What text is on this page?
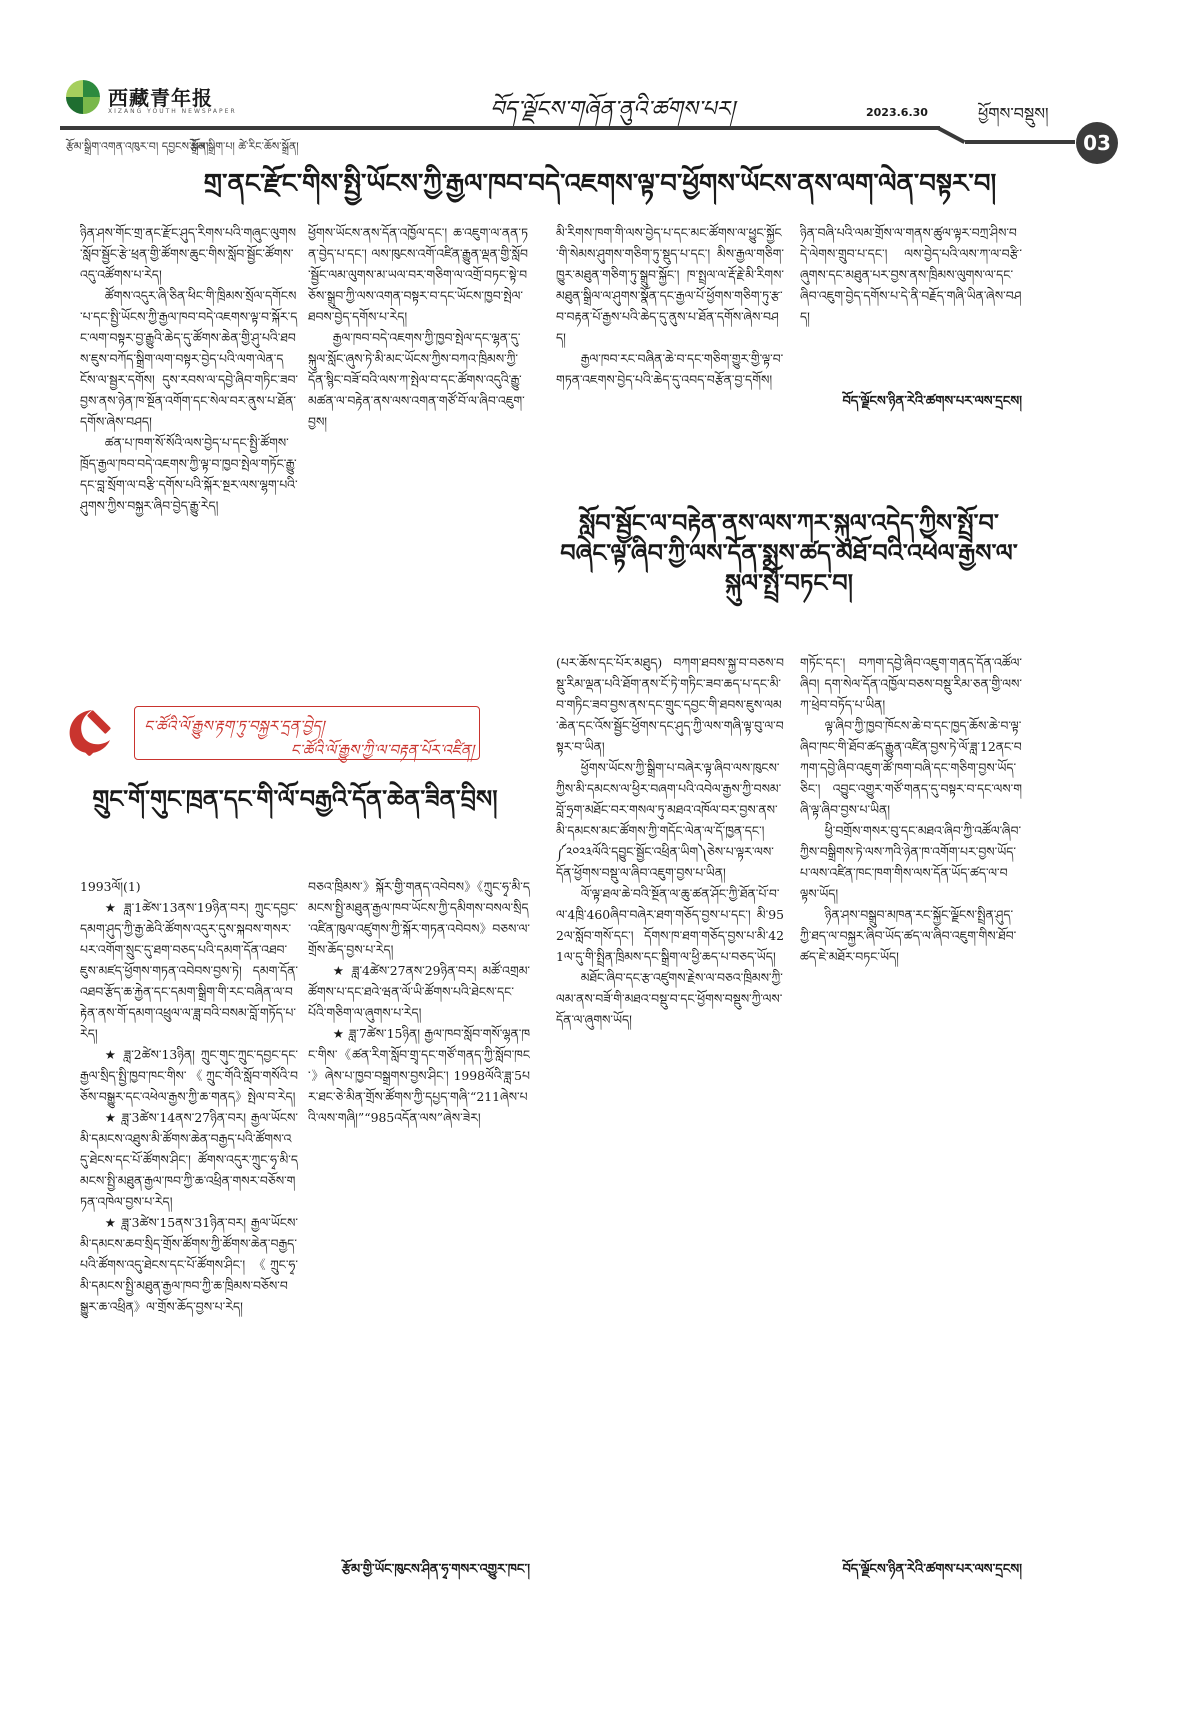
西藏青年报
XIZANG YOUTH NEWSPAPER	བོད་ལྗོངས་གཞོན་ནུའི་ཚགས་པར།	2023.6.30	ཕྱོགས་བསྡུས།
03
རྩོམ་སྒྲིག་འགན་འཁུར་བ། དབྱངས་སྒྲོན།
རྩོམ་སྒྲིག་པ། ཚེ་རིང་ཆོས་སྒྲོན།
གྲ་ནང་རྫོང་གིས་སྤྱི་ཡོངས་ཀྱི་རྒྱལ་ཁབ་བདེ་འཇགས་ལྟ་བ་ཕྱོགས་ཡོངས་ནས་ལག་ལེན་བསྟར་བ།

ཉིན་ཤས་གོང་གྲ་ནང་རྫོང་ཤུད་རིགས་པའི་གཞུང་ལུགས་སློབ་སྦྱོང་རྩེ་ཕྲན་གྱི་ཚོགས་ཆུང་གིས་སློབ་སྦྱོང་ཚོགས་འདུ་འཚོགས་པ་རེད།

ཚོགས་འདུར་ཞི་ཅིན་ཕིང་གི་ཁྲིམས་སྲོལ་དགོངས་པ་དང་སྤྱི་ཡོངས་ཀྱི་རྒྱལ་ཁབ་བདེ་འཇགས་ལྟ་བ་སྐོར་དང་ལག་བསྟར་བྱ་རྒྱུའི་ཆེད་དུ་ཚོགས་ཆེན་གྱི་ཤུ་པའི་ཐབས་ཇུས་བཀོད་སྒྲིག་ལག་བསྟར་བྱེད་པའི་ལག་ལེན་དངོས་ལ་སྦྱར་དགོས། དུས་རབས་ལ་དབྱེ་ཞིབ་གཏིང་ཟབ་བྱས་ནས་ཉེན་ཁ་སྔོན་འགོག་དང་སེལ་བར་ནུས་པ་ཐོན་དགོས་ཞེས་བཤད།

ཚན་པ་ཁག་སོ་སོའི་ལས་བྱེད་པ་དང་སྤྱི་ཚོགས་ཁྲོད་རྒྱལ་ཁབ་བདེ་འཇགས་ཀྱི་ལྟ་བ་ཁྱབ་སྤེལ་གཏོང་རྒྱུ་དང་བླ་སྲོག་ལ་བརྩི་དགོས་པའི་སྐོར་སྔར་ལས་ལྷག་པའི་ཤུགས་ཀྱིས་བསྐྱར་ཞིབ་བྱེད་རྒྱུ་རེད།

ཕྱོགས་ཡོངས་ནས་དོན་འཁྱོལ་དང་། ཆ་འཇུག་ལ་ནན་ཏན་བྱེད་པ་དང་། ལས་ཁུངས་འགོ་འཛིན་རྒྱུན་ལྡན་གྱི་སློབ་སྦྱོང་ལམ་ལུགས་མ་ཡལ་བར་གཅིག་ལ་འགྲོ་བཏང་སྟེ་བཅོས་སྒྲུབ་ཀྱི་ལས་འགན་བསྟར་བ་དང་ཡོངས་ཁྱབ་སྤེལ་ཐབས་བྱེད་དགོས་པ་རེད།

རྒྱལ་ཁབ་བདེ་འཇགས་ཀྱི་ཁྱབ་སྤེལ་དང་ལྷན་དུ་སྐུལ་སློང་ཞུས་ཏེ་མི་མང་ཡོངས་ཀྱིས་བཀའ་ཁྲིམས་ཀྱི་དོན་སྙིང་བཟོ་བའི་ལས་ཀ་སྤེལ་བ་དང་ཚོགས་འདུའི་རྒྱུ་མཚན་ལ་བརྟེན་ནས་ལས་འགན་གཙོ་བོ་ལ་ཞིབ་འཇུག་བྱས།

མི་རིགས་ཁག་གི་ལས་བྱེད་པ་དང་མང་ཚོགས་ལ་ཕྱུང་སྐྱོང་གི་སེམས་ཤུགས་གཅིག་ཏུ་སྡུད་པ་དང་། མིས་རྒྱལ་གཅིག་ཁྱུར་མཐུན་གཅིག་ཏུ་སྒྲུབ་སྐྱོང་། ཁ་སྤྲལ་ལ་རྡོ་རྗེ་མི་རིགས་མཐུན་སྒྲིལ་ལ་ཤུགས་སྣོན་དང་རྒྱལ་པོ་ཕྱོགས་གཅིག་ཏུ་རྩ་བ་བརྟན་པོ་རྒྱས་པའི་ཆེད་དུ་ནུས་པ་ཐོན་དགོས་ཞེས་བཤད།

རྒྱལ་ཁབ་རང་བཞིན་ཆེ་བ་དང་གཅིག་གྱུར་གྱི་ལྟ་བ་གཏན་འཇགས་བྱེད་པའི་ཆེད་དུ་འབད་བརྩོན་བྱ་དགོས།

ཉིན་བཞི་པའི་ལམ་གྲོས་ལ་གནས་ཚུལ་ལྟར་བཀྲ་ཤིས་བདེ་ལེགས་གྲུབ་པ་དང་། ལས་བྱེད་པའི་ལས་ཀ་ལ་བརྩི་ཞུགས་དང་མཐུན་པར་བྱས་ནས་ཁྲིམས་ལུགས་ལ་དང་ཞིབ་འཇུག་བྱེད་དགོས་པ་དེ་ནི་བརྗོད་གཞི་ཡིན་ཞེས་བཤད།

བོད་ལྗོངས་ཉིན་རེའི་ཚགས་པར་ལས་དྲངས།
ང་ཚོའི་ལོ་རྒྱུས་རྟག་ཏུ་བསྐྱར་དྲན་བྱེད།
ང་ཚོའི་ལོ་རྒྱུས་ཀྱི་ལ་བརྟན་པོར་འཛིན།
གྲུང་གོ་གུང་ཁྲན་དང་གི་ལོ་བརྒྱའི་དོན་ཆེན་ཟིན་བྲིས།

1993ལོ།(1)

★ ཟླ་1ཚེས་13ནས་19ཉིན་བར། ཀྲུང་དབྱང་དམག་ཤུད་ཀྱི་རྒྱ་ཆེའི་ཚོགས་འདུར་དུས་སྐབས་གསར་པར་འགོག་སྲུང་དུ་ཐག་བཅད་པའི་དམག་དོན་འཐབ་ཇུས་མཛད་ཕྱོགས་གཏན་འབེབས་བྱས་ཏེ། དམག་དོན་འཐབ་རྩོད་ཆ་རྐྱེན་དང་དམག་སྒྲིག་གི་རང་བཞིན་ལ་བརྟེན་ནས་གོ་དམག་འཕྲུལ་ལ་ཟླ་བའི་བསམ་བློ་གཏོད་པ་རེད།

★ ཟླ་2ཚེས་13ཉིན། ཀྲུང་གུང་ཀྲུང་དབྱང་དང་རྒྱལ་སྲིད་སྤྱི་ཁྱབ་ཁང་གིས་《ཀྲུང་གོའི་སློབ་གསོའི་བཅོས་བསྒྱུར་དང་འཕེལ་རྒྱས་ཀྱི་ཆ་གནད》སྤེལ་བ་རེད།

★ ཟླ་3ཚེས་14ནས་27ཉིན་བར། རྒྱལ་ཡོངས་མི་དམངས་འཐུས་མི་ཚོགས་ཆེན་བརྒྱད་པའི་ཚོགས་འདུ་ཐེངས་དང་པོ་ཚོགས་ཤིང་། ཚོགས་འདུར་ཀྲུང་ཧྭ་མི་དམངས་སྤྱི་མཐུན་རྒྱལ་ཁབ་ཀྱི་ཆ་འཕྲིན་གསར་བཅོས་གཏན་འཁེལ་བྱས་པ་རེད།

★ ཟླ་3ཚེས་15ནས་31ཉིན་བར། རྒྱལ་ཡོངས་མི་དམངས་ཆབ་སྲིད་གྲོས་ཚོགས་ཀྱི་ཚོགས་ཆེན་བརྒྱད་པའི་ཚོགས་འདུ་ཐེངས་དང་པོ་ཚོགས་ཤིང་། 《ཀྲུང་ཧྭ་མི་དམངས་སྤྱི་མཐུན་རྒྱལ་ཁབ་ཀྱི་ཆ་ཁྲིམས་བཅོས་བསྒྱུར་ཆ་འཕྲིན》ལ་གྲོས་ཆོད་བྱས་པ་རེད།

བཅའ་ཁྲིམས་》སྐོར་གྱི་གནད་འབེབས》《ཀྲུང་ཧྭ་མི་དམངས་སྤྱི་མཐུན་རྒྱལ་ཁབ་ཡོངས་ཀྱི་དམིགས་བསལ་སྲིད་འཛིན་ཁུལ་འཛུགས་ཀྱི་སྐོར་གཏན་འབེབས》བཅས་ལ་གྲོས་ཆོད་བྱས་པ་རེད།

★ ཟླ་4ཚེས་27ནས་29ཉིན་བར། མཚོ་འགྲམ་ཚོགས་པ་དང་ཐའེ་ཝན་ལོ་ཡི་ཚོགས་པའི་ཐེངས་དང་པོའི་གཅིག་ལ་ཞུགས་པ་རེད།

★ ཟླ་7ཚེས་15ཉིན། རྒྱལ་ཁབ་སློབ་གསོ་ལྷན་ཁང་གིས་《ཚན་རིག་སློབ་གྲྭ་དང་གཙོ་གནད་ཀྱི་སློབ་ཁང་》ཞེས་པ་ཁྱབ་བསྒྲགས་བྱས་ཤིང་། 1998ལོའི་ཟླ་5པར་ཐང་ཅེ་མིན་གྲོས་ཚོགས་ཀྱི་དཔྱད་གཞི་“211ཞེས་པའི་ལས་གཞི།”“985འདོན་ལས”ཞེས་ཟེར།

རྩོམ་གྱི་ཡོང་ཁུངས་ཤིན་ཧྭ་གསར་འགྱུར་ཁང་།
སློབ་སྦྱོང་ལ་བརྟེན་ནས་ལས་ཀར་སྐུལ་འདེད་ཀྱིས་སྤྲོ་བ་བཞེང་ལྟ་ཞིབ་ཀྱི་ལས་དོན་སྨྲས་ཚད་མཐོ་བའི་འཕེལ་རྒྱས་ལ་སྐུལ་སྤྲོ་བཏང་བ།

(པར་ཆོས་དང་པོར་མཐུད) བཀག་ཐབས་སྐྱ་བ་བཅས་བསྡུ་རིམ་ལྡན་པའི་ཐོག་ནས་ངོ་ཏེ་གཏིང་ཟབ་ཆད་པ་དང་མི་བ་གཏིང་ཟབ་བྱས་ནས་དང་གྲུང་དབྱང་གི་ཐབས་ཇུས་ལམ་ཆེན་དང་འོས་སྦྱོང་ཕྱོགས་དང་ཤུད་ཀྱི་ལས་གཞི་ལྟ་བུ་ལ་བསྟར་བ་ཡིན།

ཕྱོགས་ཡོངས་ཀྱི་སྒྲིག་པ་བཞེར་ལྟ་ཞིབ་ལས་ཁུངས་ཀྱིས་མི་དམངས་ལ་ཕྱིར་བཞག་པའི་འབེལ་རྒྱས་ཀྱི་བསམ་བློ་ཧྲག་མཐོང་བར་གསལ་ཏུ་མཐའ་འཁོལ་བར་བྱས་ནས་མི་དམངས་མང་ཚོགས་ཀྱི་གདོང་ལེན་ལ་དོ་ཁྱན་དང་། ༼༢༠༢༣ལོའི་དབྱུང་སྦྱོང་འཕྲིན་ཡིག༽ཅེས་པ་ལྟར་ལས་དོན་ཕྱོགས་བསྡུ་ལ་ཞིབ་འཇུག་བྱས་པ་ཡིན།

ལོ་ལྟ་ཐལ་ཆེ་བའི་སྔོན་ལ་ཆུ་ཚན་ཤོང་ཀྱི་ཐོན་པོ་བ་ལ་4ཁྲི་460ཞིབ་བཞེར་ཐག་གཅོད་བྱས་པ་དང་། མི་952ལ་སློབ་གསོ་དང་། དོགས་ཁ་ཐག་གཅོད་བྱས་པ་མི་421ལ་དུ་གི་སྤྲིན་ཁྲིམས་དང་སྒྲིག་ལ་ཕྱི་ཆད་པ་བཅད་ཡོད།

མཐོང་ཞིབ་དང་རྩ་འཛུགས་རྗེས་ལ་བཅའ་ཁྲིམས་ཀྱི་ལམ་ནས་བཟོ་གི་མཐའ་བསྡུ་བ་དང་ཕྱོགས་བསྡུས་ཀྱི་ལས་དོན་ལ་ཞུགས་ཡོད།

གཏོང་དང་། བཀག་དབྱེ་ཞིབ་འཇུག་གནད་དོན་འཚོལ་ཞིབ། དག་སེལ་དོན་འཁྱོལ་བཅས་བསྡུ་རིམ་ཅན་གྱི་ལས་ཀ་ཕྲེབ་བཏོད་པ་ཡིན།

ལྟ་ཞིབ་ཀྱི་ཁྱབ་ཁོངས་ཆེ་བ་དང་ཁྱད་ཆོས་ཆེ་བ་ལྟ་ཞིབ་ཁང་གི་ཐོབ་ཚད་རྒྱུན་འཛིན་བྱས་ཏེ་ལོ་ཟླ་12ནང་བཀག་དབྱེ་ཞིབ་འཇུག་ཚོ་ཁག་བཞི་དང་གཅིག་བྱས་ཡོད་ཅིང་། འབྱུང་འགྱུར་གཙོ་གནད་དུ་བསྟར་བ་དང་ལས་གཞི་ལྟ་ཞིབ་བྱས་པ་ཡིན།

ཕྱི་བགྲོས་གསར་བུ་དང་མཐའ་ཞིབ་ཀྱི་འཚོལ་ཞིབ་ཀྱིས་བསྒྲིགས་ཏེ་ལས་ཀའི་ཉེན་ཁ་འགོག་པར་བྱས་ཡོད་པ་ལས་འཛིན་ཁང་ཁག་གིས་ལས་དོན་ཡོད་ཚད་ལ་བལྟས་ཡོད།

ཉིན་ཤས་བསྒྲུབ་མཁན་རང་སྐྱོང་ལྗོངས་སྤྲིན་ཤུད་ཀྱི་ཐད་ལ་བསྐྱར་ཞིབ་ཡོད་ཚད་ལ་ཞིབ་འཇུག་གིས་ཐོབ་ཚད་ཇེ་མཐོར་བཏང་ཡོད།

བོད་ལྗོངས་ཉིན་རེའི་ཚགས་པར་ལས་དྲངས།
